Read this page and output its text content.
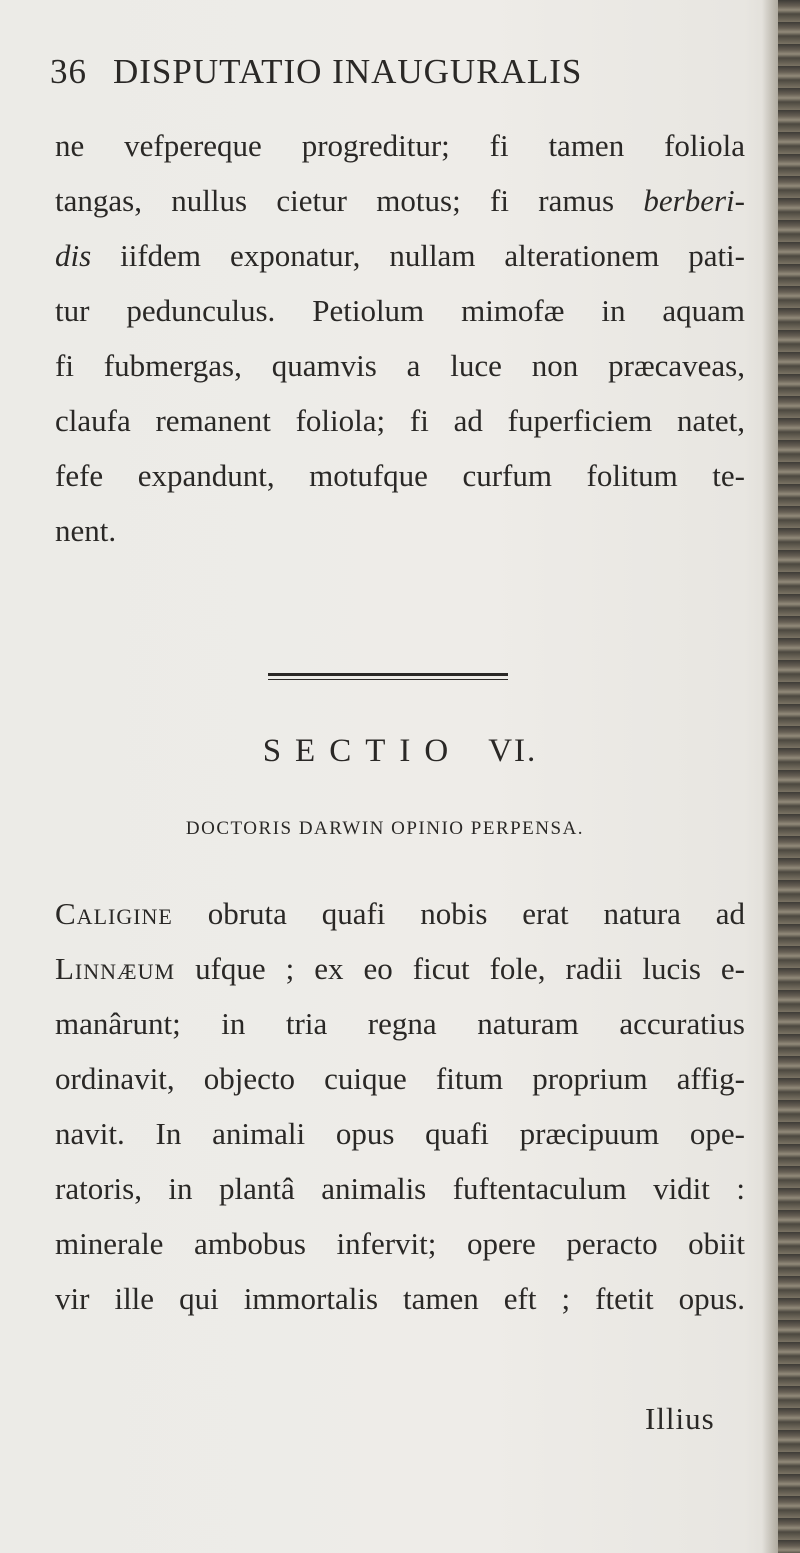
36 DISPUTATIO INAUGURALIS
ne vefpereque progreditur; fi tamen foliola
tangas, nullus cietur motus; fi ramus berberi-
dis iifdem exponatur, nullam alterationem pati-
tur pedunculus. Petiolum mimofæ in aquam
fi fubmergas, quamvis a luce non præcaveas,
claufa remanent foliola; fi ad fuperficiem natet,
fefe expandunt, motufque curfum folitum te-
nent.
SECTIO VI.
DOCTORIS DARWIN OPINIO PERPENSA.
Caligine obruta quafi nobis erat natura ad
Linnæum ufque ; ex eo ficut fole, radii lucis e-
manârunt; in tria regna naturam accuratius
ordinavit, objecto cuique fitum proprium affig-
navit. In animali opus quafi præcipuum ope-
ratoris, in plantâ animalis fuftentaculum vidit :
minerale ambobus infervit; opere peracto obiit
vir ille qui immortalis tamen eft ; ftetit opus.
Illius
